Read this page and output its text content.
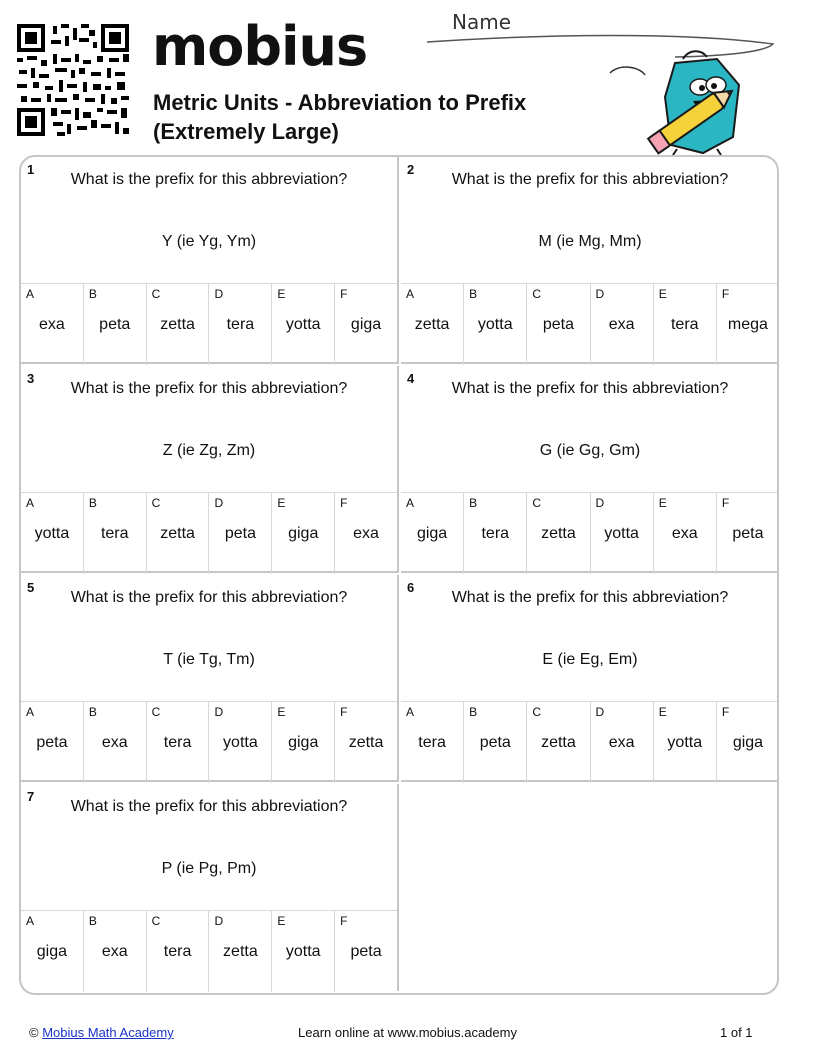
mobius
Metric Units - Abbreviation to Prefix
(Extremely Large)
Name
1
What is the prefix for this abbreviation?
Y (ie Yg, Ym)
A
exa
B
peta
C
zetta
D
tera
E
yotta
F
giga
2
What is the prefix for this abbreviation?
M (ie Mg, Mm)
A
zetta
B
yotta
C
peta
D
exa
E
tera
F
mega
3
What is the prefix for this abbreviation?
Z (ie Zg, Zm)
A
yotta
B
tera
C
zetta
D
peta
E
giga
F
exa
4
What is the prefix for this abbreviation?
G (ie Gg, Gm)
A
giga
B
tera
C
zetta
D
yotta
E
exa
F
peta
5
What is the prefix for this abbreviation?
T (ie Tg, Tm)
A
peta
B
exa
C
tera
D
yotta
E
giga
F
zetta
6
What is the prefix for this abbreviation?
E (ie Eg, Em)
A
tera
B
peta
C
zetta
D
exa
E
yotta
F
giga
7
What is the prefix for this abbreviation?
P (ie Pg, Pm)
A
giga
B
exa
C
tera
D
zetta
E
yotta
F
peta
© Mobius Math Academy	Learn online at www.mobius.academy	1 of 1
